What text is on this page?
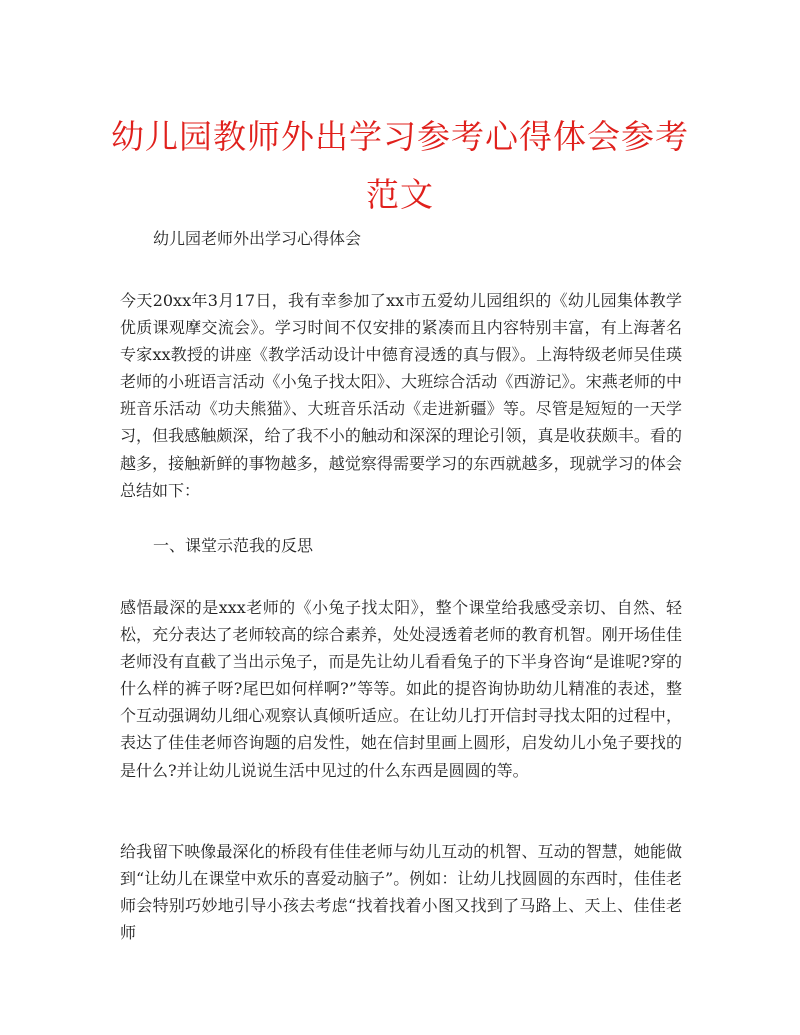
幼儿园教师外出学习参考心得体会参考范文

幼儿园老师外出学习心得体会

今天20xx年3月17日，我有幸参加了xx市五爱幼儿园组织的《幼儿园集体教学优质课观摩交流会》。学习时间不仅安排的紧凑而且内容特别丰富，有上海著名专家xx教授的讲座《教学活动设计中德育浸透的真与假》。上海特级老师吴佳瑛老师的小班语言活动《小兔子找太阳》、大班综合活动《西游记》。宋燕老师的中班音乐活动《功夫熊猫》、大班音乐活动《走进新疆》等。尽管是短短的一天学习，但我感触颇深，给了我不小的触动和深深的理论引领，真是收获颇丰。看的越多，接触新鲜的事物越多，越觉察得需要学习的东西就越多，现就学习的体会总结如下：

一、课堂示范我的反思

感悟最深的是xxx老师的《小兔子找太阳》，整个课堂给我感受亲切、自然、轻松，充分表达了老师较高的综合素养，处处浸透着老师的教育机智。刚开场佳佳老师没有直截了当出示兔子，而是先让幼儿看看兔子的下半身咨询“是谁呢?穿的什么样的裤子呀?尾巴如何样啊?”等等。如此的提咨询协助幼儿精准的表述，整个互动强调幼儿细心观察认真倾听适应。在让幼儿打开信封寻找太阳的过程中，表达了佳佳老师咨询题的启发性，她在信封里画上圆形，启发幼儿小兔子要找的是什么?并让幼儿说说生活中见过的什么东西是圆圆的等。

给我留下映像最深化的桥段有佳佳老师与幼儿互动的机智、互动的智慧，她能做到“让幼儿在课堂中欢乐的喜爱动脑子”。例如：让幼儿找圆圆的东西时，佳佳老师会特别巧妙地引导小孩去考虑“找着找着小图又找到了马路上、天上、佳佳老师
